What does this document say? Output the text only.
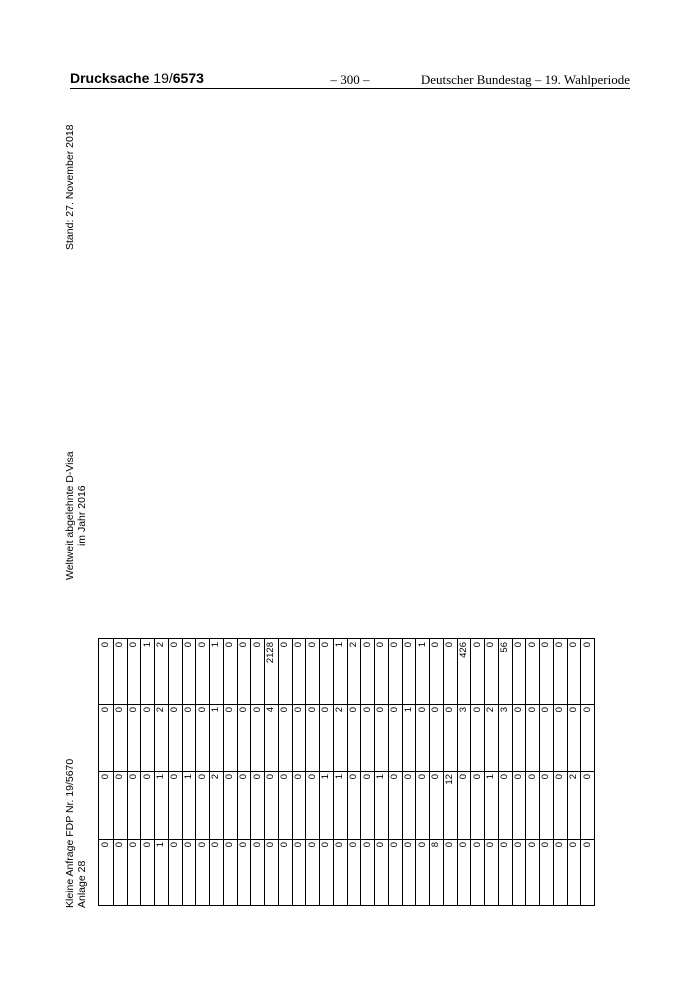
Drucksache 19/6573	– 300 –	Deutscher Bundestag – 19. Wahlperiode
Stand: 27. November 2018
Weltweit abgelehnte D-Visa im Jahr 2016
Kleine Anfrage FDP Nr. 19/5670 Anlage 28
0 0 0 0 1 0 0 0 0 0 0 0 0 0 0 0 0 0 0 0 0 0 0 0 8 0 0 0 0 0 0 0 0 0 0 0
0 0 0 0 1 0 1 0 2 0 0 0 0 0 0 0 1 1 0 0 1 0 0 0 0 12 0 0 1 0 0 0 0 0 2 0
0 0 0 0 2 0 0 0 1 0 0 0 4 0 0 0 0 2 0 0 0 0 1 0 0 0 3 0 2 3 0 0 0 0 0 0
0 0 0 1 2 0 0 0 1 0 0 0 2128 0 0 0 0 1 2 0 0 0 0 1 0 0 426 0 0 56 0 0 0 0 0 0
